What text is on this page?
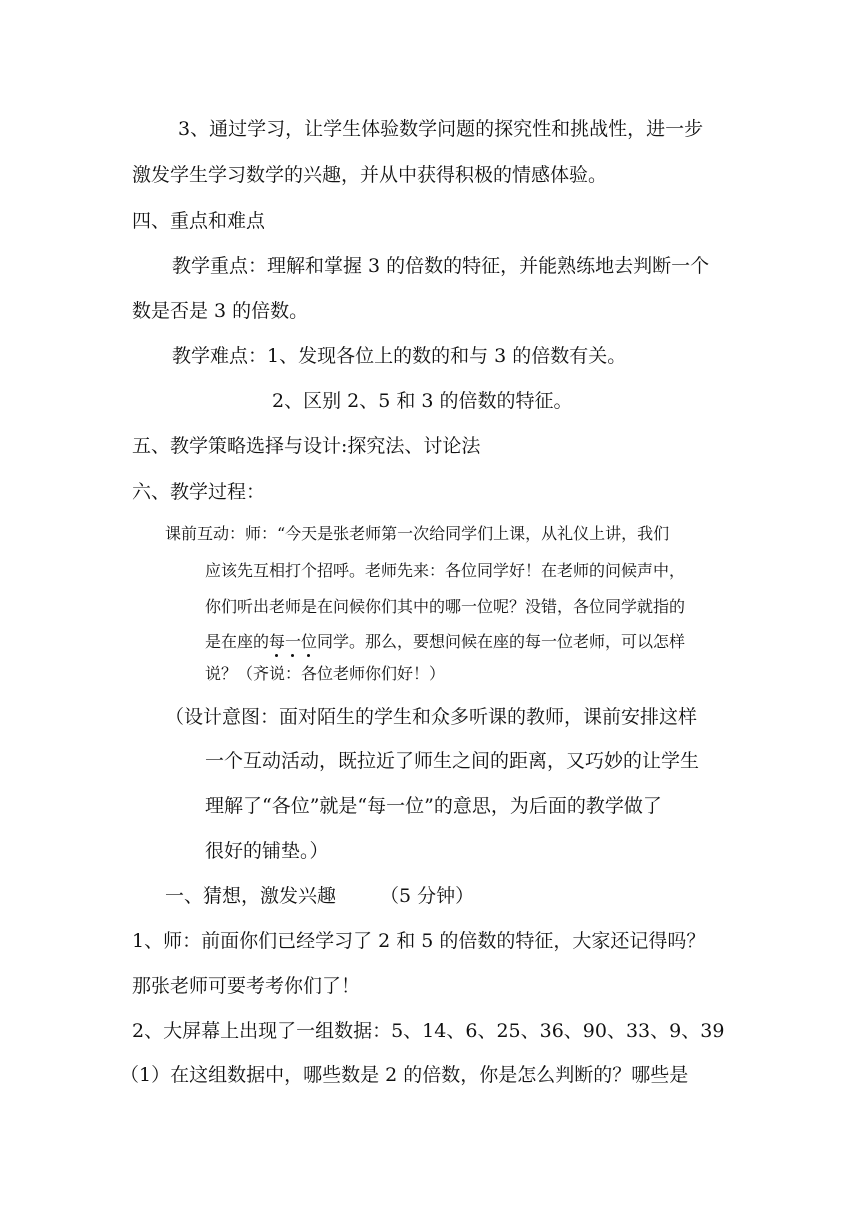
3、通过学习，让学生体验数学问题的探究性和挑战性，进一步
激发学生学习数学的兴趣，并从中获得积极的情感体验。
四、重点和难点
教学重点：理解和掌握 3 的倍数的特征，并能熟练地去判断一个
数是否是 3 的倍数。
教学难点：1、发现各位上的数的和与 3 的倍数有关。
2、区别 2、5 和 3 的倍数的特征。
五、教学策略选择与设计:探究法、讨论法
六、教学过程：
课前互动：师：“今天是张老师第一次给同学们上课，从礼仪上讲，我们
应该先互相打个招呼。老师先来：各位同学好！在老师的问候声中，
你们听出老师是在问候你们其中的哪一位呢？没错，各位同学就指的
是在座的每一位
同学。那么，要想问候在座的每一位老师，可以怎样
说？（齐说：各位老师你们好！）
（设计意图：面对陌生的学生和众多听课的教师，课前安排这样
一个互动活动，既拉近了师生之间的距离，又巧妙的让学生
理解了“各位”就是“每一位”的意思，为后面的教学做了
很好的铺垫。）
一、猜想，激发兴趣 （5 分钟）
1、师：前面你们已经学习了 2 和 5 的倍数的特征，大家还记得吗？
那张老师可要考考你们了！
2、大屏幕上出现了一组数据：5、14、6、25、36、90、33、9、39
（1）在这组数据中，哪些数是 2 的倍数，你是怎么判断的？哪些是
